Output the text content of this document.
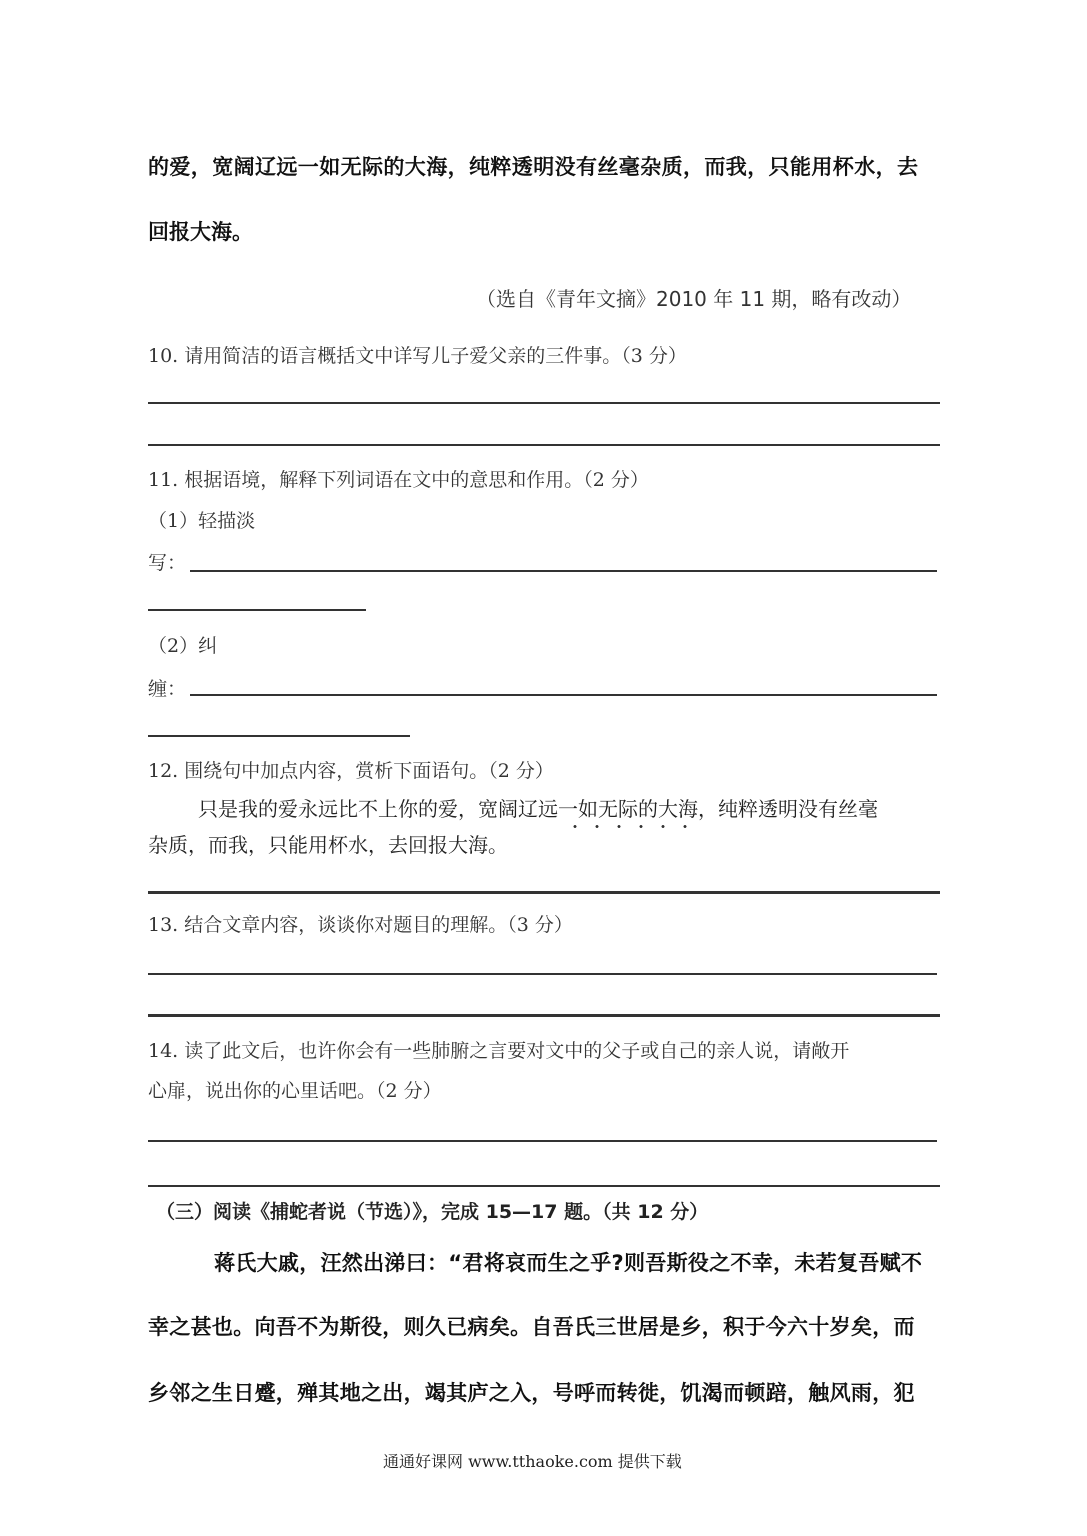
的爱，宽阔辽远一如无际的大海，纯粹透明没有丝毫杂质，而我，只能用杯水，去
回报大海。
（选自《青年文摘》2010 年 11 期，略有改动）
10. 请用简洁的语言概括文中详写儿子爱父亲的三件事。（3 分）
11. 根据语境，解释下列词语在文中的意思和作用。（2 分）
（1）轻描淡
写：
（2）纠
缠：
12. 围绕句中加点内容，赏析下面语句。（2 分）
只是我的爱永远比不上你的爱，宽阔辽远一如无际的大海，纯粹透明没有丝毫
杂质，而我，只能用杯水，去回报大海。
13. 结合文章内容，谈谈你对题目的理解。（3 分）
14. 读了此文后，也许你会有一些肺腑之言要对文中的父子或自己的亲人说，请敞开
心扉，说出你的心里话吧。（2 分）
（三）阅读《捕蛇者说（节选）》，完成 15—17 题。（共 12 分）
蒋氏大戚，汪然出涕曰：“君将哀而生之乎?则吾斯役之不幸，未若复吾赋不
幸之甚也。向吾不为斯役，则久已病矣。自吾氏三世居是乡，积于今六十岁矣，而
乡邻之生日蹙，殚其地之出，竭其庐之入，号呼而转徙，饥渴而顿踣，触风雨，犯
通通好课网 www.tthaoke.com 提供下载
